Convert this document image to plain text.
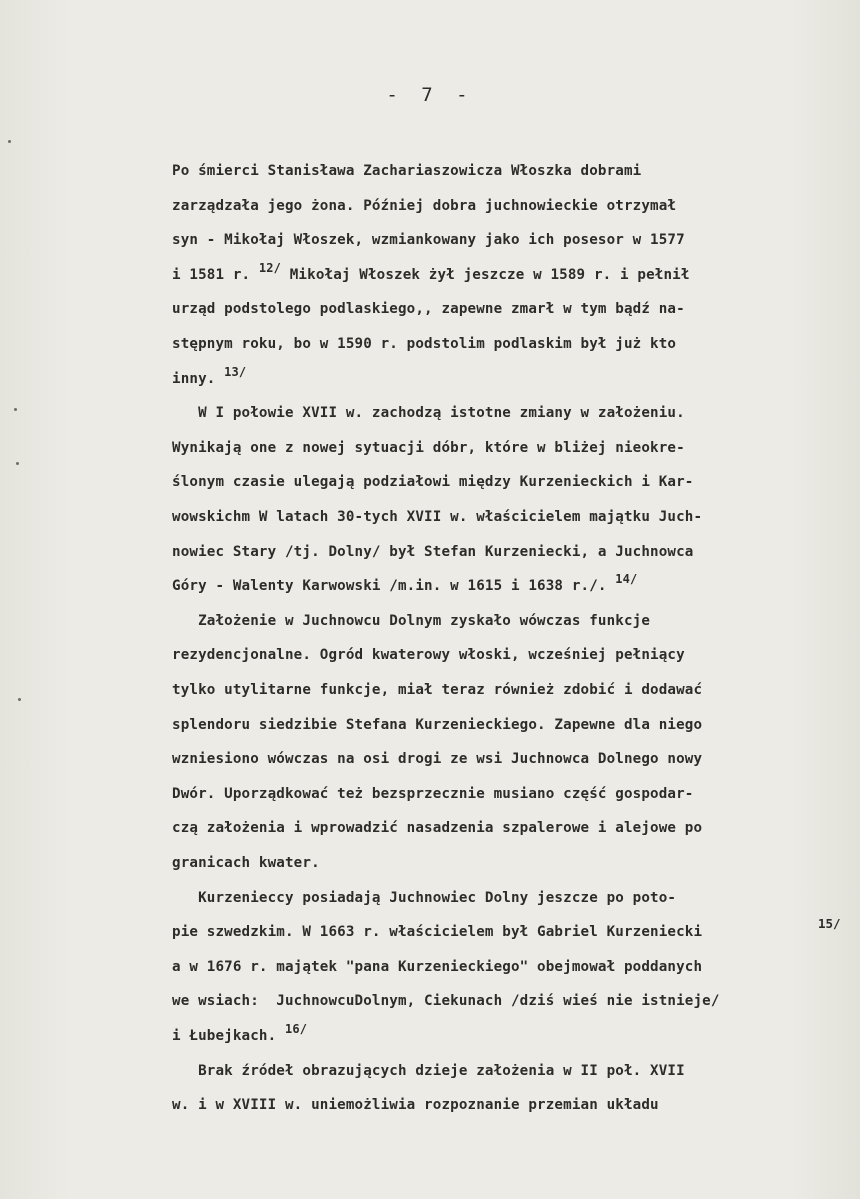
- 7 -
Po śmierci Stanisława Zachariaszowicza Włoszka dobrami
zarządzała jego żona. Później dobra juchnowieckie otrzymał
syn - Mikołaj Włoszek, wzmiankowany jako ich posesor w 1577
i 1581 r. $^{12/}$ Mikołaj Włoszek żył jeszcze w 1589 r. i pełnił
urząd podstolego podlaskiego,, zapewne zmarł w tym bądź na-
stępnym roku, bo w 1590 r. podstolim podlaskim był już kto
inny. $^{13/}$
W I połowie XVII w. zachodzą istotne zmiany w założeniu.
Wynikają one z nowej sytuacji dóbr, które w bliżej nieokre-
ślonym czasie ulegają podziałowi między Kurzenieckich i Kar-
wowskichm W latach 30-tych XVII w. właścicielem majątku Juch-
nowiec Stary /tj. Dolny/ był Stefan Kurzeniecki, a Juchnowca
Góry - Walenty Karwowski /m.in. w 1615 i 1638 r./. $^{14/}$
Założenie w Juchnowcu Dolnym zyskało wówczas funkcje
rezydencjonalne. Ogród kwaterowy włoski, wcześniej pełniący
tylko utylitarne funkcje, miał teraz również zdobić i dodawać
splendoru siedzibie Stefana Kurzenieckiego. Zapewne dla niego
wzniesiono wówczas na osi drogi ze wsi Juchnowca Dolnego nowy
Dwór. Uporządkować też bezsprzecznie musiano część gospodar-
czą założenia i wprowadzić nasadzenia szpalerowe i alejowe po
granicach kwater.
Kurzenieccy posiadają Juchnowiec Dolny jeszcze po poto-
pie szwedzkim. W 1663 r. właścicielem był Gabriel Kurzeniecki
a w 1676 r. majątek "pana Kurzenieckiego" obejmował poddanych
we wsiach:  JuchnowcuDolnym, Ciekunach /dziś wieś nie istnieje/
i Łubejkach. $^{16/}$
Brak źródeł obrazujących dzieje założenia w II poł. XVII
w. i w XVIII w. uniemożliwia rozpoznanie przemian układu
15/
